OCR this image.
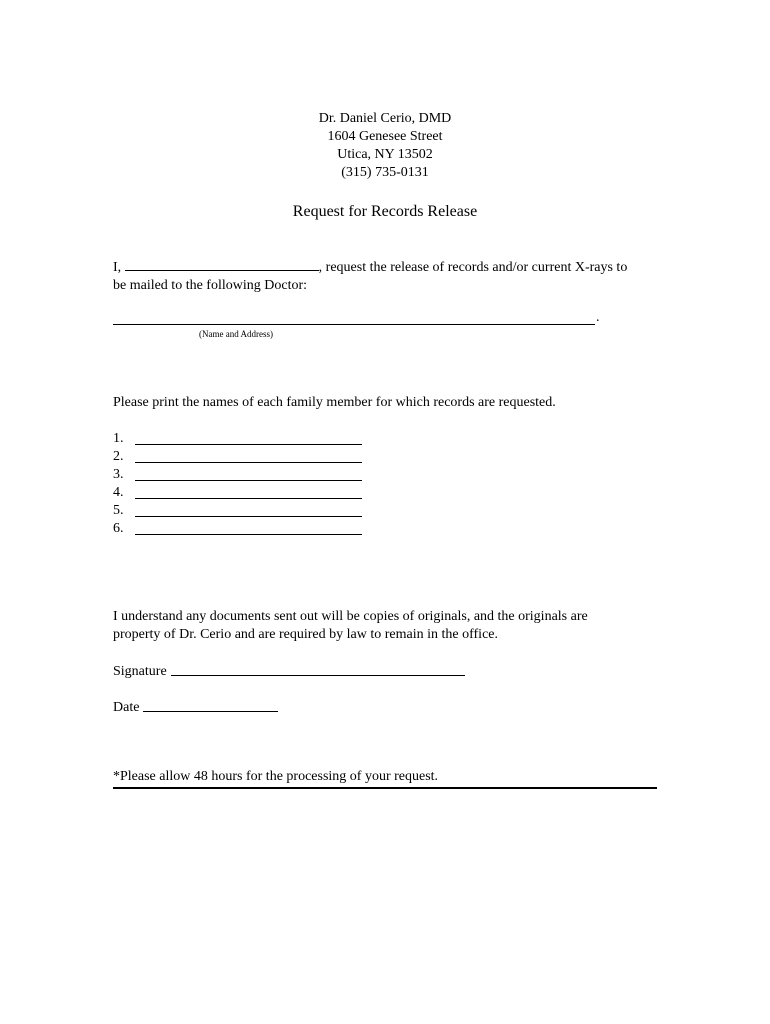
Dr. Daniel Cerio, DMD
1604 Genesee Street
Utica, NY 13502
(315) 735-0131
Request for Records Release
I,	, request the release of records and/or current X-rays to
be mailed to the following Doctor:
.
(Name and Address)
Please print the names of each family member for which records are requested.
1.
2.
3.
4.
5.
6.
I understand any documents sent out will be copies of originals, and the originals are
property of Dr. Cerio and are required by law to remain in the office.
Signature
Date
*Please allow 48 hours for the processing of your request.
